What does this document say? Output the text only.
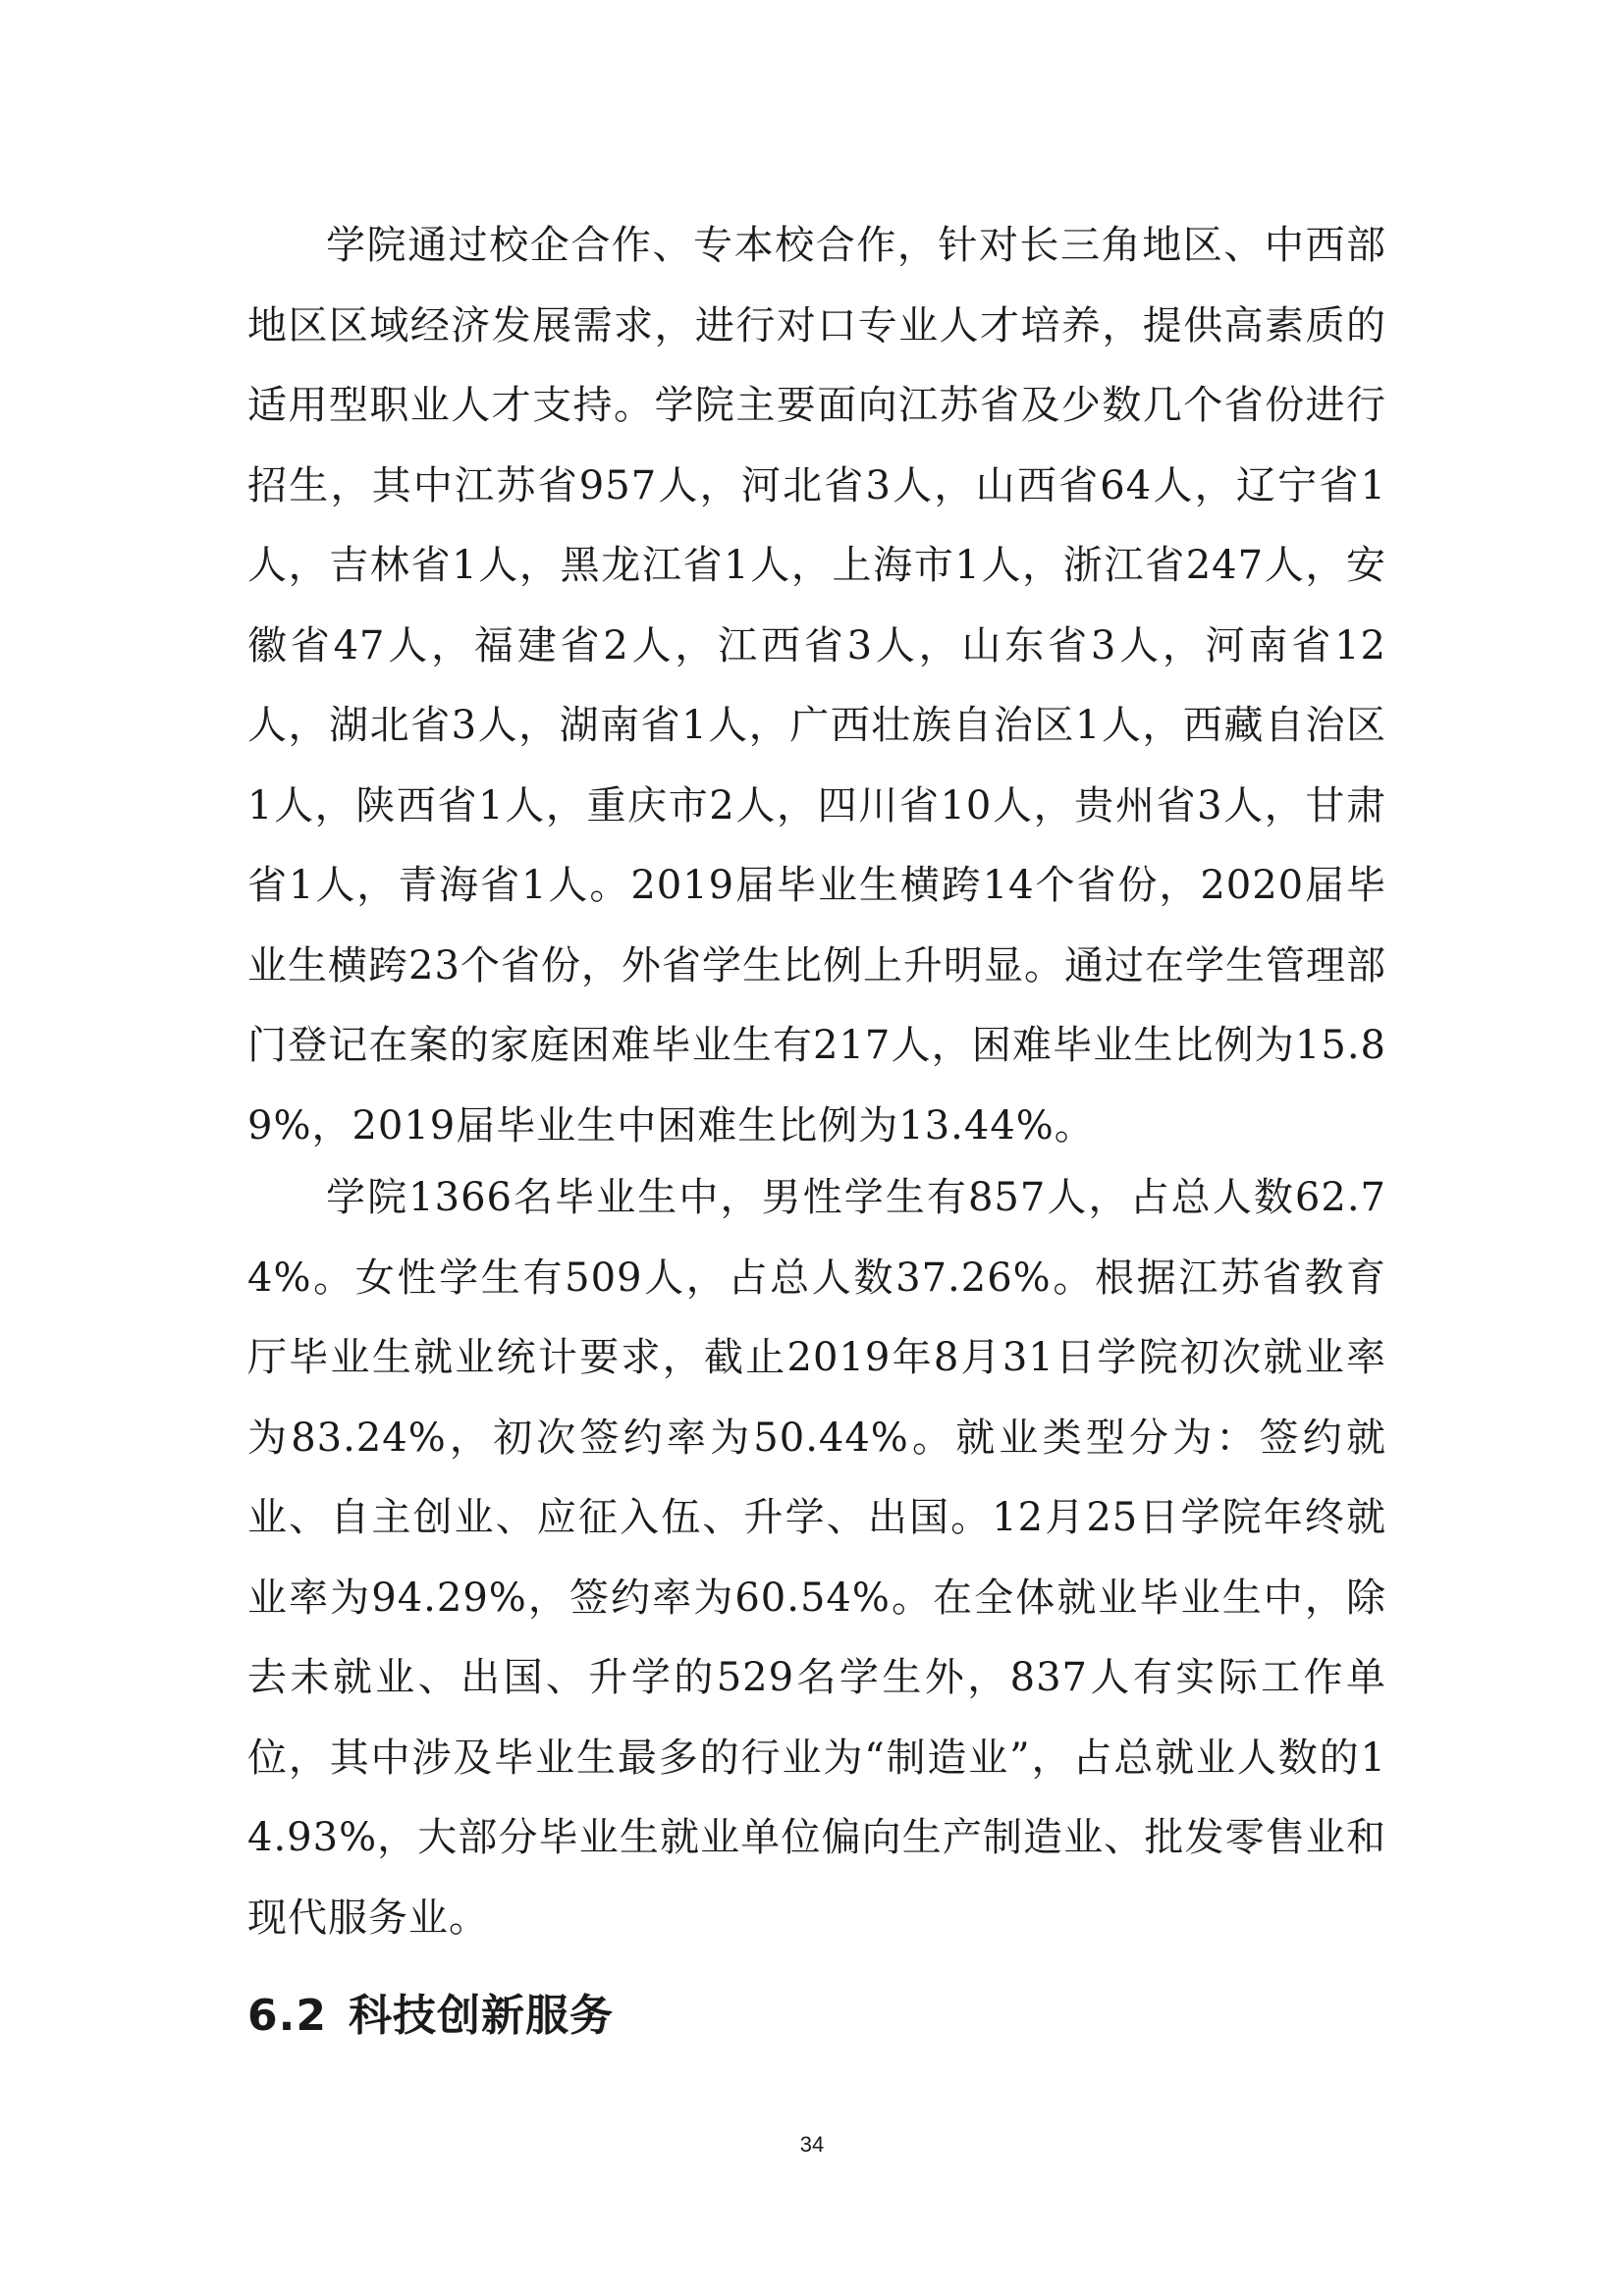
学院通过校企合作、专本校合作，针对长三角地区、中西部地区区域经济发展需求，进行对口专业人才培养，提供高素质的适用型职业人才支持。学院主要面向江苏省及少数几个省份进行招生，其中江苏省957人，河北省3人，山西省64人，辽宁省1人，吉林省1人，黑龙江省1人，上海市1人，浙江省247人，安徽省47人，福建省2人，江西省3人，山东省3人，河南省12人，湖北省3人，湖南省1人，广西壮族自治区1人，西藏自治区1人，陕西省1人，重庆市2人，四川省10人，贵州省3人，甘肃省1人，青海省1人。2019届毕业生横跨14个省份，2020届毕业生横跨23个省份，外省学生比例上升明显。通过在学生管理部门登记在案的家庭困难毕业生有217人，困难毕业生比例为15.89%，2019届毕业生中困难生比例为13.44%。

学院1366名毕业生中，男性学生有857人，占总人数62.74%。女性学生有509人，占总人数37.26%。根据江苏省教育厅毕业生就业统计要求，截止2019年8月31日学院初次就业率为83.24%，初次签约率为50.44%。就业类型分为：签约就业、自主创业、应征入伍、升学、出国。12月25日学院年终就业率为94.29%，签约率为60.54%。在全体就业毕业生中，除去未就业、出国、升学的529名学生外，837人有实际工作单位，其中涉及毕业生最多的行业为“制造业”，占总就业人数的14.93%，大部分毕业生就业单位偏向生产制造业、批发零售业和现代服务业。

6.2 科技创新服务
34
